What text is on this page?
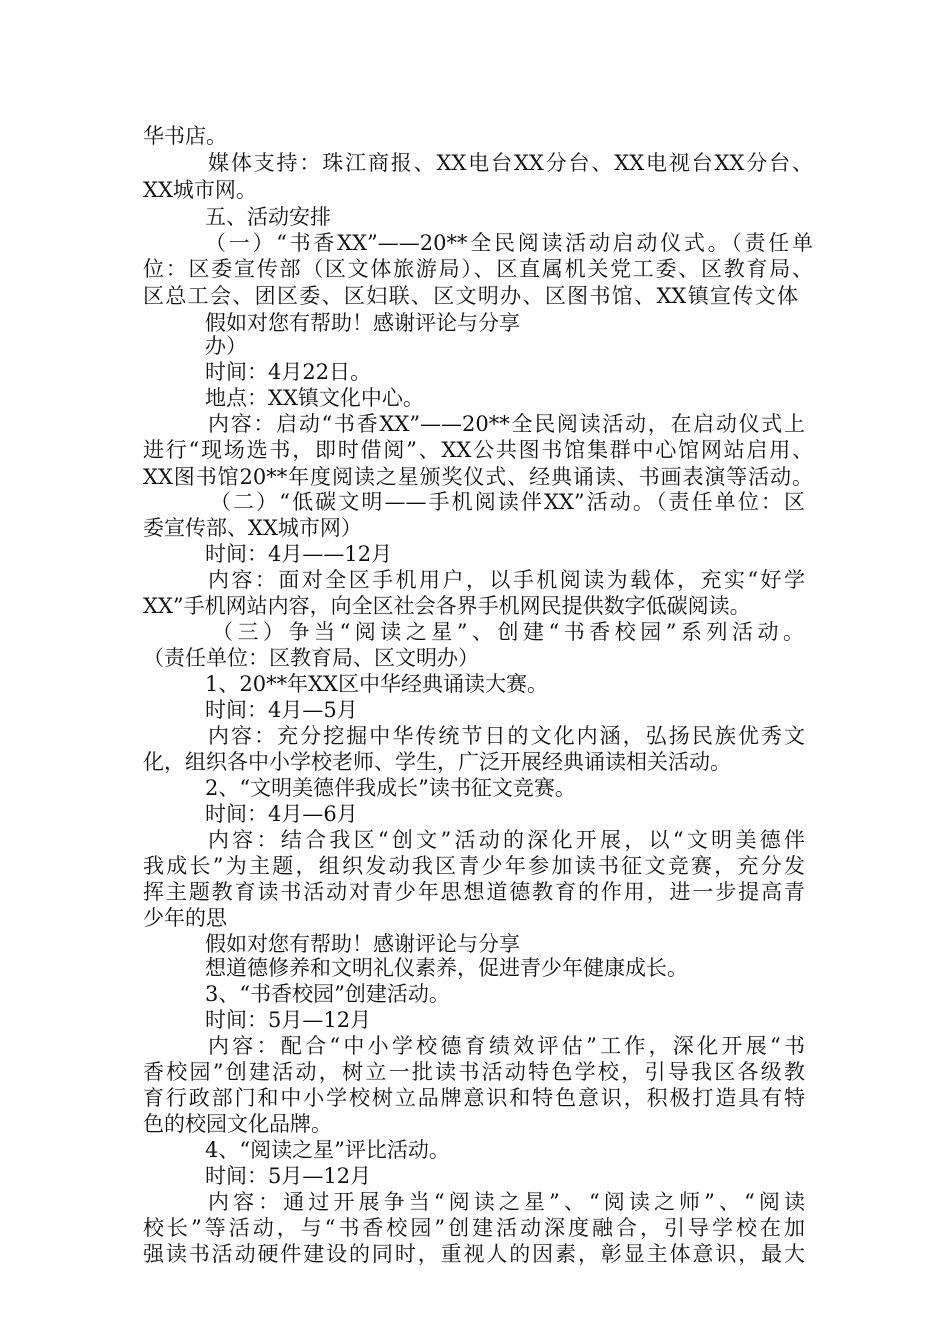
华书店。
媒体支持：珠江商报、XX电台XX分台、XX电视台XX分台、
XX城市网。
五、活动安排
（一）“书香XX”——20**全民阅读活动启动仪式。（责任单
位：区委宣传部（区文体旅游局）、区直属机关党工委、区教育局、
区总工会、团区委、区妇联、区文明办、区图书馆、XX镇宣传文体
假如对您有帮助！感谢评论与分享
办）
时间：4月22日。
地点：XX镇文化中心。
内容：启动“书香XX”——20**全民阅读活动，在启动仪式上
进行“现场选书，即时借阅”、XX公共图书馆集群中心馆网站启用、
XX图书馆20**年度阅读之星颁奖仪式、经典诵读、书画表演等活动。
（二）“低碳文明——手机阅读伴XX”活动。（责任单位：区
委宣传部、XX城市网）
时间：4月——12月
内容：面对全区手机用户，以手机阅读为载体，充实“好学
XX”手机网站内容，向全区社会各界手机网民提供数字低碳阅读。
（三）争当“阅读之星”、创建“书香校园”系列活动。
（责任单位：区教育局、区文明办）
1、20**年XX区中华经典诵读大赛。
时间：4月—5月
内容：充分挖掘中华传统节日的文化内涵，弘扬民族优秀文
化，组织各中小学校老师、学生，广泛开展经典诵读相关活动。
2、“文明美德伴我成长”读书征文竞赛。
时间：4月—6月
内容：结合我区“创文”活动的深化开展，以“文明美德伴
我成长”为主题，组织发动我区青少年参加读书征文竞赛，充分发
挥主题教育读书活动对青少年思想道德教育的作用，进一步提高青
少年的思
假如对您有帮助！感谢评论与分享
想道德修养和文明礼仪素养，促进青少年健康成长。
3、“书香校园”创建活动。
时间：5月—12月
内容：配合“中小学校德育绩效评估”工作，深化开展“书
香校园”创建活动，树立一批读书活动特色学校，引导我区各级教
育行政部门和中小学校树立品牌意识和特色意识，积极打造具有特
色的校园文化品牌。
4、“阅读之星”评比活动。
时间：5月—12月
内容：通过开展争当“阅读之星”、“阅读之师”、“阅读
校长”等活动，与“书香校园”创建活动深度融合，引导学校在加
强读书活动硬件建设的同时，重视人的因素，彰显主体意识，最大
